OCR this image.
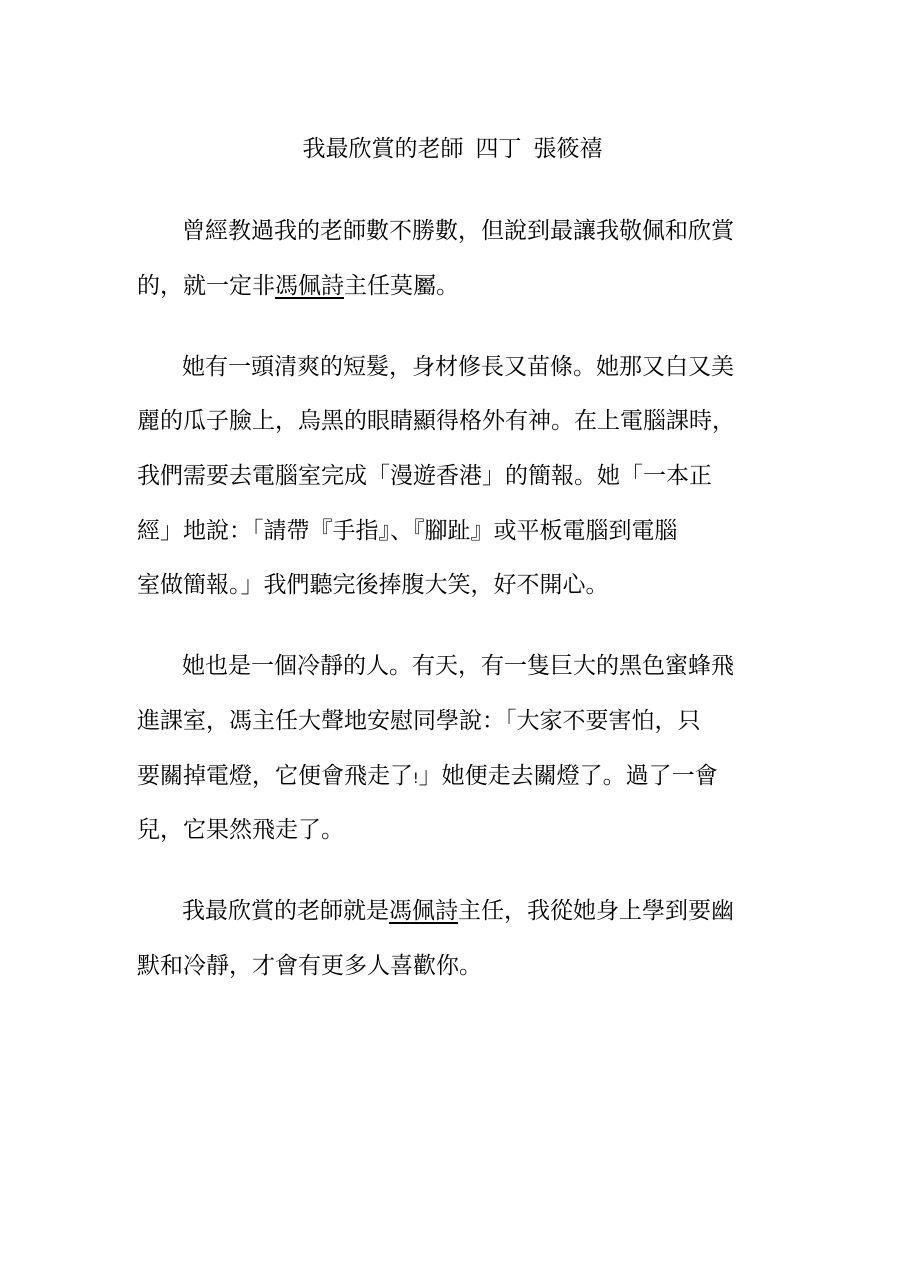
我最欣賞的老師 四丁 張筱禧
曾經教過我的老師數不勝數，但說到最讓我敬佩和欣賞
的，就一定非馮佩詩主任莫屬。
她有一頭清爽的短髮，身材修長又苗條。她那又白又美
麗的瓜子臉上，烏黑的眼睛顯得格外有神。在上電腦課時，
我們需要去電腦室完成「漫遊香港」的簡報。她「一本正
經」地說：「請帶『手指』、『腳趾』或平板電腦到電腦
室做簡報。」我們聽完後捧腹大笑，好不開心。
她也是一個冷靜的人。有天，有一隻巨大的黑色蜜蜂飛
進課室，馮主任大聲地安慰同學說：「大家不要害怕，只
要關掉電燈，它便會飛走了!」她便走去關燈了。過了一會
兒，它果然飛走了。
我最欣賞的老師就是馮佩詩主任，我從她身上學到要幽
默和冷靜，才會有更多人喜歡你。
